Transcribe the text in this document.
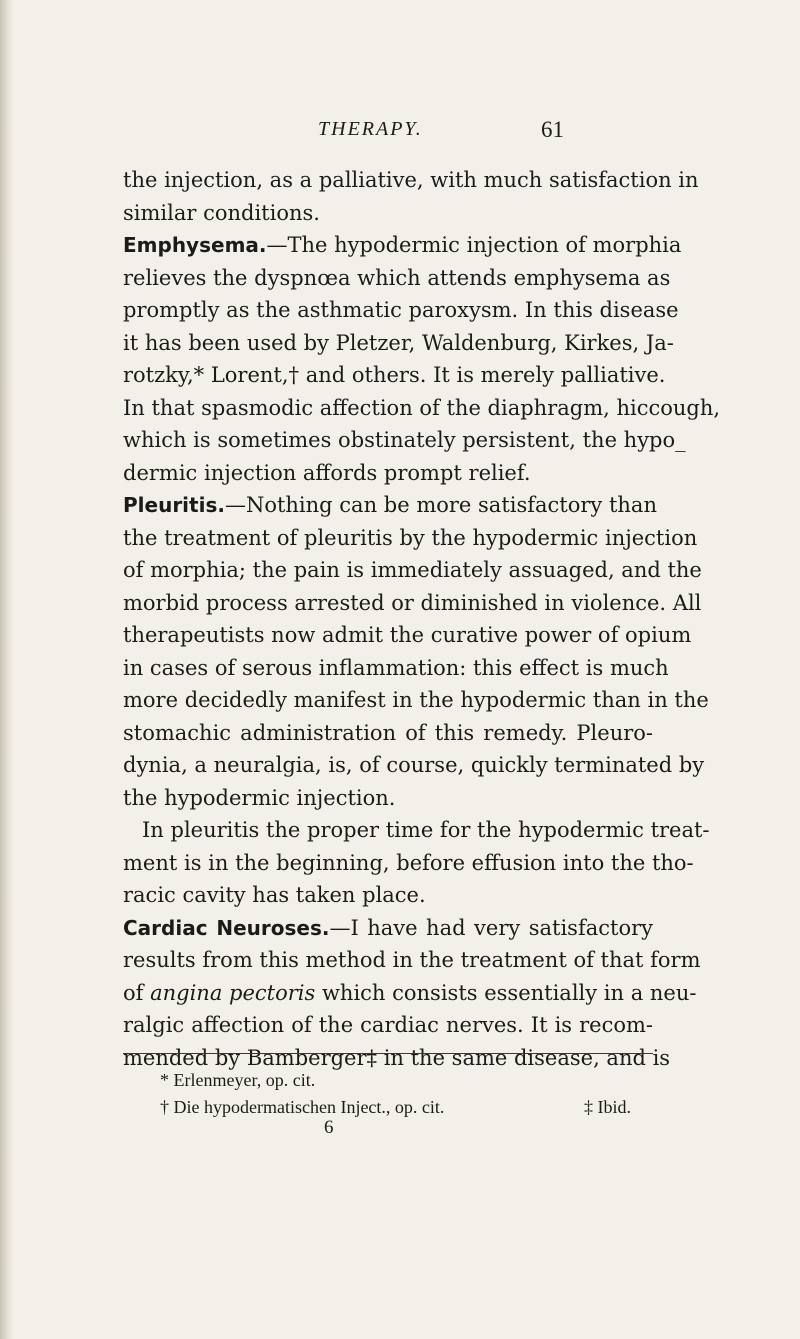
THERAPY.	61
the injection, as a palliative, with much satisfaction in
similar conditions.
Emphysema.—The hypodermic injection of morphia
relieves the dyspnœa which attends emphysema as
promptly as the asthmatic paroxysm. In this disease
it has been used by Pletzer, Waldenburg, Kirkes, Ja-
rotzky,* Lorent,† and others. It is merely palliative.
In that spasmodic affection of the diaphragm, hiccough,
which is sometimes obstinately persistent, the hypo_
dermic injection affords prompt relief.
Pleuritis.—Nothing can be more satisfactory than
the treatment of pleuritis by the hypodermic injection
of morphia; the pain is immediately assuaged, and the
morbid process arrested or diminished in violence. All
therapeutists now admit the curative power of opium
in cases of serous inflammation: this effect is much
more decidedly manifest in the hypodermic than in the
stomachic administration of this remedy. Pleuro-
dynia, a neuralgia, is, of course, quickly terminated by
the hypodermic injection.
In pleuritis the proper time for the hypodermic treat-
ment is in the beginning, before effusion into the tho-
racic cavity has taken place.
Cardiac Neuroses.—I have had very satisfactory
results from this method in the treatment of that form
of angina pectoris which consists essentially in a neu-
ralgic affection of the cardiac nerves. It is recom-
mended by Bamberger‡ in the same disease, and is
* Erlenmeyer, op. cit.
† Die hypodermatischen Inject., op. cit.	‡ Ibid.
6
